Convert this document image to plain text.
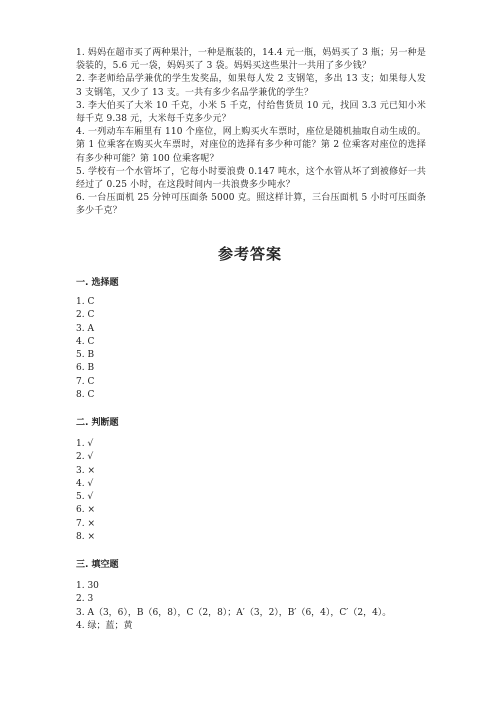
1. 妈妈在超市买了两种果汁，一种是瓶装的，14.4 元一瓶，妈妈买了 3 瓶；另一种是袋装的，5.6 元一袋，妈妈买了 3 袋。妈妈买这些果汁一共用了多少钱？

2. 李老师给品学兼优的学生发奖品，如果每人发 2 支钢笔，多出 13 支；如果每人发 3 支钢笔，又少了 13 支。一共有多少名品学兼优的学生？

3. 李大伯买了大米 10 千克，小米 5 千克，付给售货员 10 元，找回 3.3 元已知小米每千克 9.38 元，大米每千克多少元？

4. 一列动车车厢里有 110 个座位，网上购买火车票时，座位是随机抽取自动生成的。第 1 位乘客在购买火车票时，对座位的选择有多少种可能？第 2 位乘客对座位的选择有多少种可能？第 100 位乘客呢？

5. 学校有一个水管坏了，它每小时要浪费 0.147 吨水，这个水管从坏了到被修好一共经过了 0.25 小时，在这段时间内一共浪费多少吨水？

6. 一台压面机 25 分钟可压面条 5000 克。照这样计算，三台压面机 5 小时可压面条多少千克？

参考答案
一. 选择题
1. C
2. C
3. A
4. C
5. B
6. B
7. C
8. C
二. 判断题
1. √
2. √
3. ×
4. √
5. √
6. ×
7. ×
8. ×
三. 填空题
1. 30
2. 3
3. A（3，6），B（6，8），C（2，8）；A′（3，2），B′（6，4），C′（2，4）。
4. 绿；蓝；黄
